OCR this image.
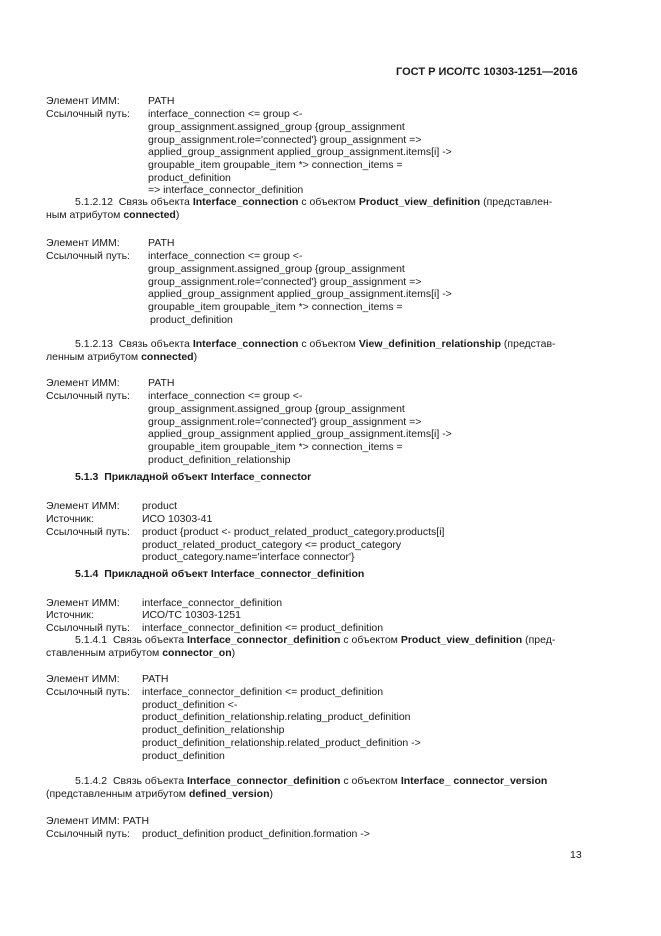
ГОСТ Р ИСО/ТС 10303-1251—2016
Элемент ИММ:	PATH
Ссылочный путь: interface_connection <= group <-
group_assignment.assigned_group {group_assignment
group_assignment.role='connected'} group_assignment =>
applied_group_assignment applied_group_assignment.items[i] ->
groupable_item groupable_item *> connection_items =
product_definition
=> interface_connector_definition
5.1.2.12 Связь объекта Interface_connection с объектом Product_view_definition (представлен-
ным атрибутом connected)
Элемент ИММ:	PATH
Ссылочный путь: interface_connection <= group <-
group_assignment.assigned_group {group_assignment
group_assignment.role='connected'} group_assignment =>
applied_group_assignment applied_group_assignment.items[i] ->
groupable_item groupable_item *> connection_items =
product_definition
5.1.2.13 Связь объекта Interface_connection с объектом View_definition_relationship (представ-
ленным атрибутом connected)
Элемент ИММ:	PATH
Ссылочный путь: interface_connection <= group <-
group_assignment.assigned_group {group_assignment
group_assignment.role='connected'} group_assignment =>
applied_group_assignment applied_group_assignment.items[i] ->
groupable_item groupable_item *> connection_items =
product_definition_relationship
5.1.3 Прикладной объект Interface_connector
Элемент ИММ: product
Источник:	ИСО 10303-41
Ссылочный путь: product {product <- product_related_product_category.products[i]
product_related_product_category <= product_category
product_category.name='interface connector'}
5.1.4 Прикладной объект Interface_connector_definition
Элемент ИММ: interface_connector_definition
Источник:	ИСО/ТС 10303-1251
Ссылочный путь: interface_connector_definition <= product_definition
5.1.4.1 Связь объекта Interface_connector_definition с объектом Product_view_definition (пред-
ставленным атрибутом connector_on)
Элемент ИММ: PATH
Ссылочный путь: interface_connector_definition <= product_definition
product_definition <-
product_definition_relationship.relating_product_definition
product_definition_relationship
product_definition_relationship.related_product_definition ->
product_definition
5.1.4.2 Связь объекта Interface_connector_definition с объектом Interface_ connector_version
(представленным атрибутом defined_version)
Элемент ИММ: PATH
Ссылочный путь: product_definition product_definition.formation ->
13
